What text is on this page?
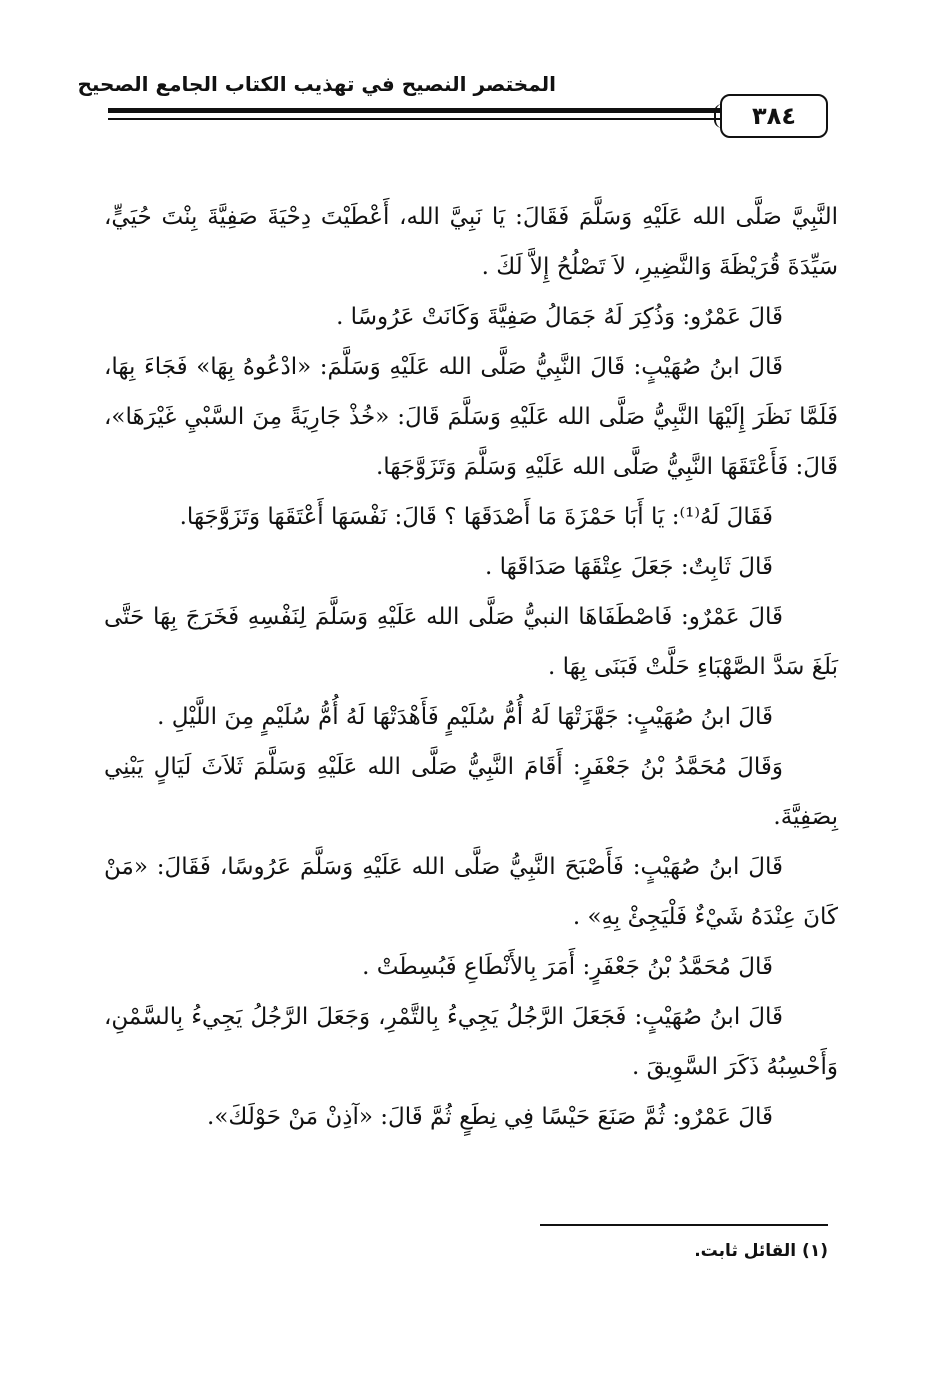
المختصر النصيح في تهذيب الكتاب الجامع الصحيح
٣٨٤

النَّبِيَّ صَلَّى الله عَلَيْهِ وَسَلَّمَ فَقَالَ: يَا نَبِيَّ الله، أَعْطَيْتَ دِحْيَةَ صَفِيَّةَ بِنْتَ حُيَيٍّ، سَيِّدَةَ قُرَيْظَةَ وَالنَّضِيرِ، لاَ تَصْلُحُ إِلاَّ لَكَ .

قَالَ عَمْرٌو: وَذُكِرَ لَهُ جَمَالُ صَفِيَّةَ وَكَانَتْ عَرُوسًا .

قَالَ ابنُ صُهَيْبٍ: قَالَ النَّبِيُّ صَلَّى الله عَلَيْهِ وَسَلَّمَ: «ادْعُوهُ بِهَا» فَجَاءَ بِهَا، فَلَمَّا نَظَرَ إِلَيْهَا النَّبِيُّ صَلَّى الله عَلَيْهِ وَسَلَّمَ قَالَ: «خُذْ جَارِيَةً مِنَ السَّبْيِ غَيْرَهَا»، قَالَ: فَأَعْتَقَهَا النَّبِيُّ صَلَّى الله عَلَيْهِ وَسَلَّمَ وَتَزَوَّجَهَا.

فَقَالَ لَهُ⁽¹⁾: يَا أَبَا حَمْزَةَ مَا أَصْدَقَهَا ؟ قَالَ: نَفْسَهَا أَعْتَقَهَا وَتَزَوَّجَهَا.

قَالَ ثَابِتٌ: جَعَلَ عِتْقَهَا صَدَاقَهَا .

قَالَ عَمْرٌو: فَاصْطَفَاهَا النبيُّ صَلَّى الله عَلَيْهِ وَسَلَّمَ لِنَفْسِهِ فَخَرَجَ بِهَا حَتَّى بَلَغَ سَدَّ الصَّهْبَاءِ حَلَّتْ فَبَنَى بِهَا .

قَالَ ابنُ صُهَيْبٍ: جَهَّزَتْهَا لَهُ أُمُّ سُلَيْمٍ فَأَهْدَتْهَا لَهُ أُمُّ سُلَيْمٍ مِنَ اللَّيْلِ .

وَقَالَ مُحَمَّدُ بْنُ جَعْفَرٍ: أَقَامَ النَّبِيُّ صَلَّى الله عَلَيْهِ وَسَلَّمَ ثَلاَثَ لَيَالٍ يَبْنِي بِصَفِيَّةَ.

قَالَ ابنُ صُهَيْبٍ: فَأَصْبَحَ النَّبِيُّ صَلَّى الله عَلَيْهِ وَسَلَّمَ عَرُوسًا، فَقَالَ: «مَنْ كَانَ عِنْدَهُ شَيْءٌ فَلْيَجِئْ بِهِ» .

قَالَ مُحَمَّدُ بْنُ جَعْفَرٍ: أَمَرَ بِالأَنْطَاعِ فَبُسِطَتْ .

قَالَ ابنُ صُهَيْبٍ: فَجَعَلَ الرَّجُلُ يَجِيءُ بِالتَّمْرِ، وَجَعَلَ الرَّجُلُ يَجِيءُ بِالسَّمْنِ، وَأَحْسِبُهُ ذَكَرَ السَّوِيقَ .

قَالَ عَمْرٌو: ثُمَّ صَنَعَ حَيْسًا فِي نِطَعٍ ثُمَّ قَالَ: «آذِنْ مَنْ حَوْلَكَ».

(١) القائل ثابت.
